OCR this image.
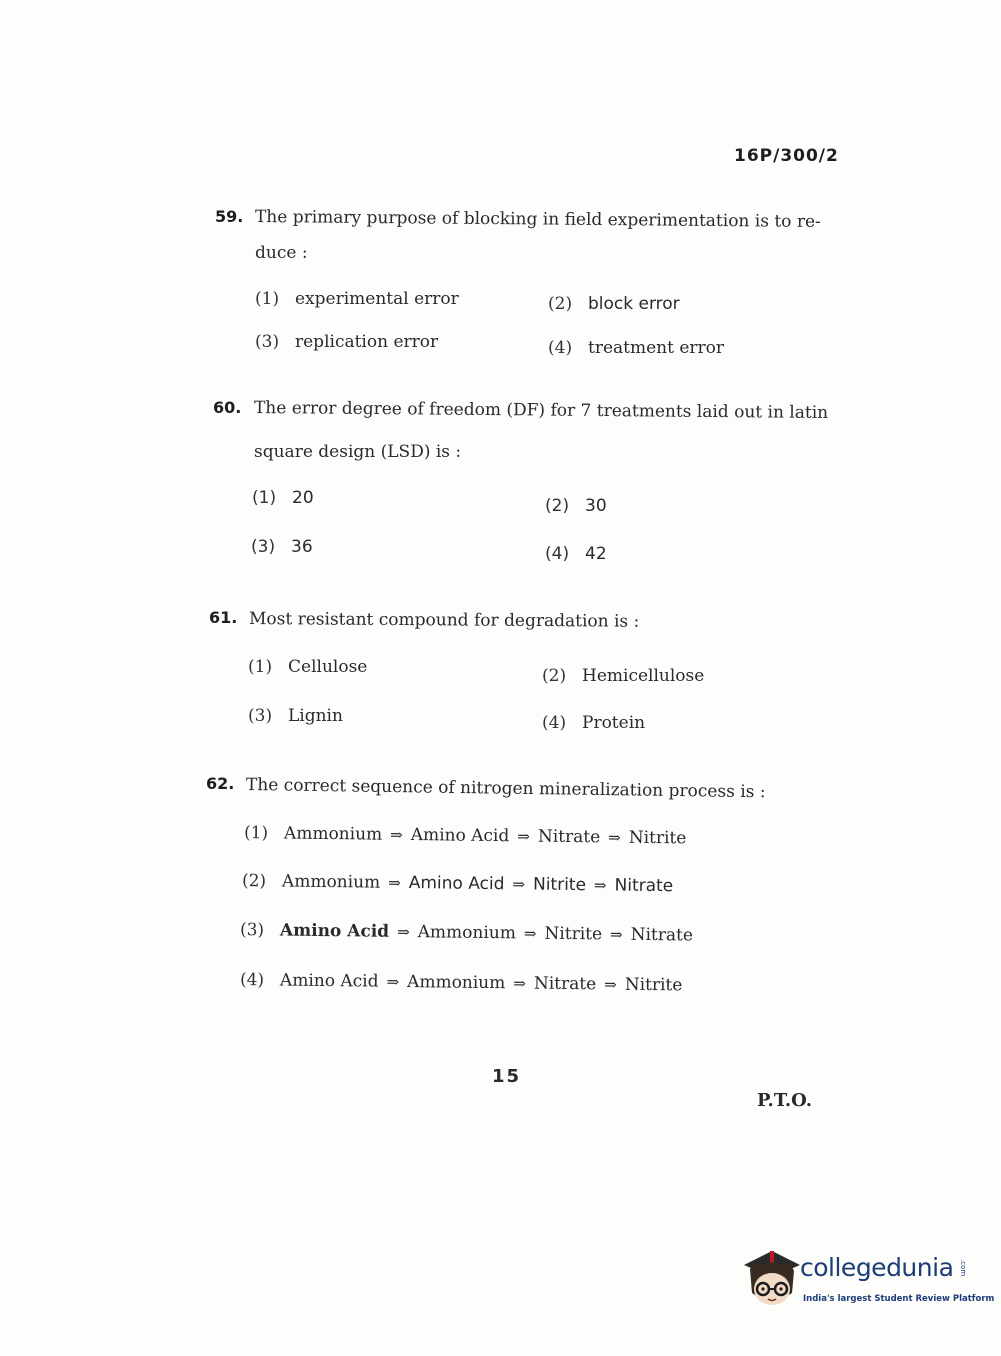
16P/300/2
59. The primary purpose of blocking in field experimentation is to re-
duce :
(1) experimental error	(2) block error
(3) replication error	(4) treatment error
60. The error degree of freedom (DF) for 7 treatments laid out in latin
square design (LSD) is :
(1) 20	(2) 30
(3) 36	(4) 42
61. Most resistant compound for degradation is :
(1) Cellulose	(2) Hemicellulose
(3) Lignin	(4) Protein
62. The correct sequence of nitrogen mineralization process is :
(1) Ammonium ⇒ Amino Acid ⇒ Nitrate ⇒ Nitrite
(2) Ammonium ⇒ Amino Acid ⇒ Nitrite ⇒ Nitrate
(3) Amino Acid ⇒ Ammonium ⇒ Nitrite ⇒ Nitrate
(4) Amino Acid ⇒ Ammonium ⇒ Nitrate ⇒ Nitrite
15
P.T.O.
collegedunia .com
India's largest Student Review Platform
